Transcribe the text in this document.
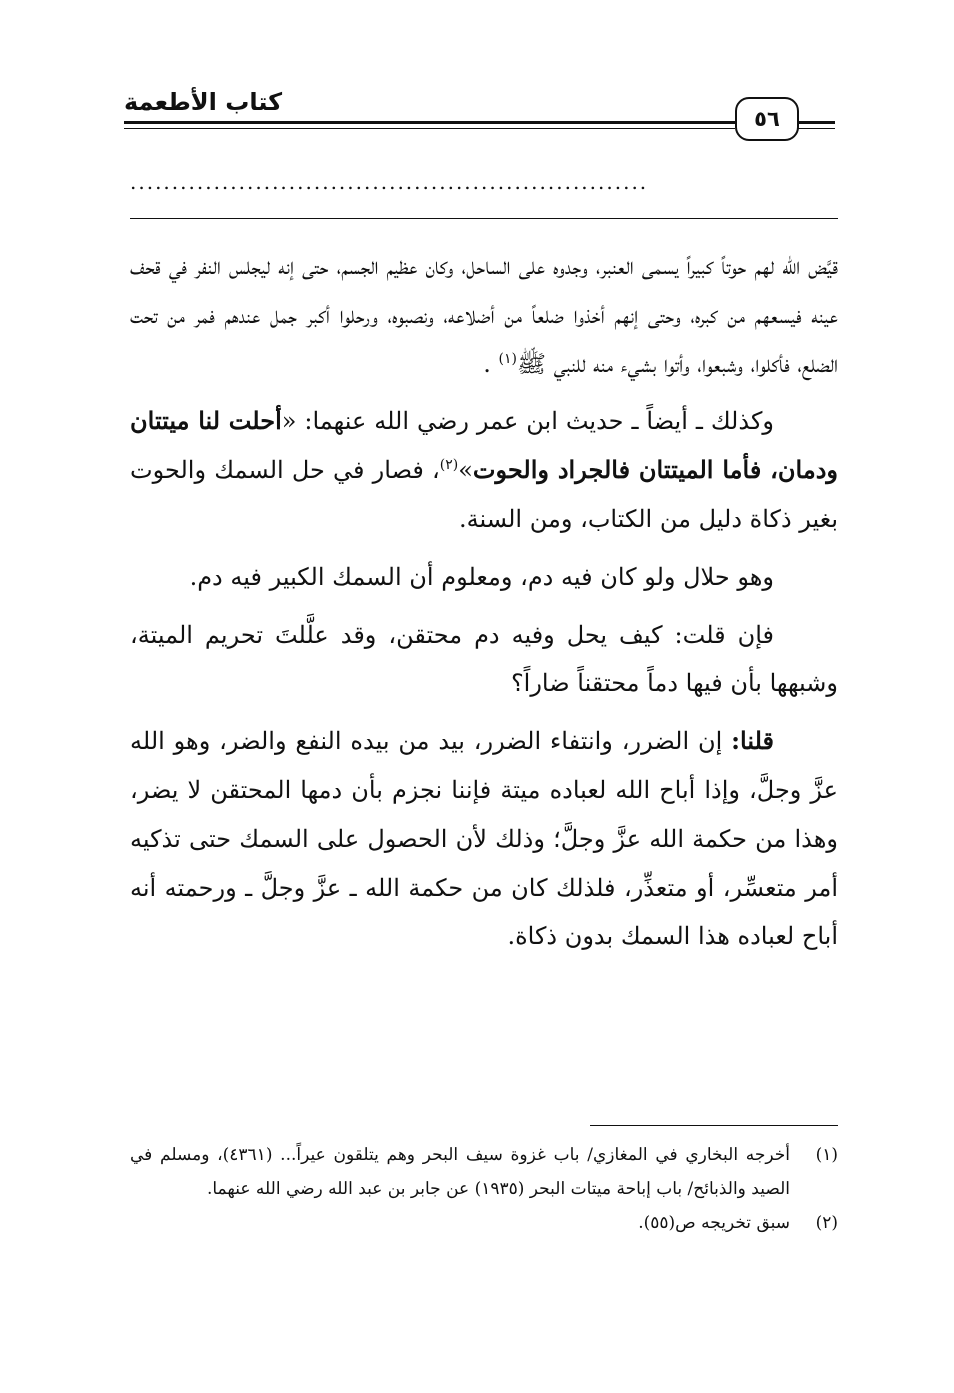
كتاب الأطعمة
٥٦
..............................................................

قيَّض الله لهم حوتاً كبيراً يسمى العنبر، وجدوه على الساحل، وكان عظيم الجسم، حتى إنه ليجلس النفر في قحف عينه فيسعهم من كبره، وحتى إنهم أخذوا ضلعاً من أضلاعه، ونصبوه، ورحلوا أكبر جمل عندهم فمر من تحت الضلع، فأكلوا، وشبعوا، وأتوا بشيء منه للنبي ﷺ$^{(١)}$ .

وكذلك ـ أيضاً ـ حديث ابن عمر رضي الله عنهما: «أحلت لنا ميتتان ودمان، فأما الميتتان فالجراد والحوت»$^{(٢)}$، فصار في حل السمك والحوت بغير ذكاة دليل من الكتاب، ومن السنة.

وهو حلال ولو كان فيه دم، ومعلوم أن السمك الكبير فيه دم.

فإن قلت: كيف يحل وفيه دم محتقن، وقد علَّلتَ تحريم الميتة، وشبهها بأن فيها دماً محتقناً ضاراً؟

قلنا: إن الضرر، وانتفاء الضرر، بيد من بيده النفع والضر، وهو الله عزَّ وجلَّ، وإذا أباح الله لعباده ميتة فإننا نجزم بأن دمها المحتقن لا يضر، وهذا من حكمة الله عزَّ وجلَّ؛ وذلك لأن الحصول على السمك حتى تذكيه أمر متعسِّر، أو متعذِّر، فلذلك كان من حكمة الله ـ عزَّ وجلَّ ـ ورحمته أنه أباح لعباده هذا السمك بدون ذكاة.

(١)
أخرجه البخاري في المغازي/ باب غزوة سيف البحر وهم يتلقون عيراً... (٤٣٦١)، ومسلم في الصيد والذبائح/ باب إباحة ميتات البحر (١٩٣٥) عن جابر بن عبد الله رضي الله عنهما.
(٢)
سبق تخريجه ص(٥٥).
